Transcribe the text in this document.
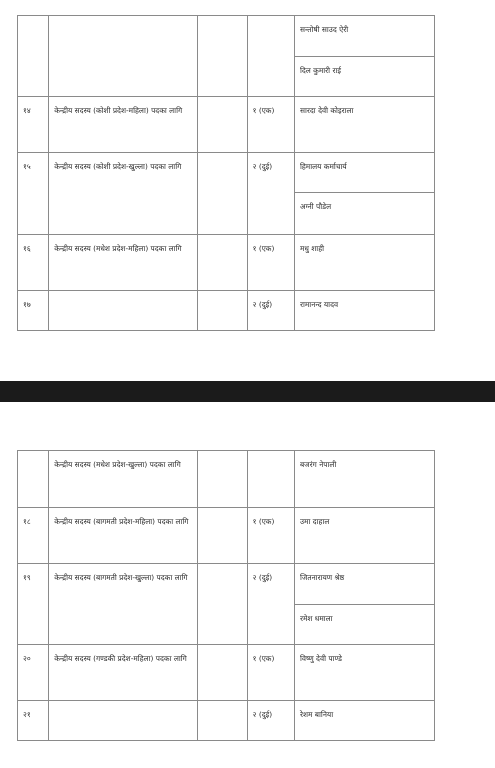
				सन्तोषी साउद ऐरी
				दिल कुमारी राई
१४	केन्द्रीय सदस्य (कोशी प्रदेश-महिला) पदका लागि		१ (एक)	सारदा देवी कोइराला
१५	केन्द्रीय सदस्य (कोशी प्रदेश-खुल्ला) पदका लागि		२ (दुई)	हिमालय कर्माचार्य
				अग्नी पौडेल
१६	केन्द्रीय सदस्य (मधेश प्रदेश-महिला) पदका लागि		१ (एक)	मधु शाही
१७			२ (दुई)	रामानन्द यादव
	केन्द्रीय सदस्य (मधेश प्रदेश-खुल्ला) पदका लागि			बजरंग नेपाली
१८	केन्द्रीय सदस्य (बागमती प्रदेश-महिला) पदका लागि		१ (एक)	उमा दाहाल
१९	केन्द्रीय सदस्य (बागमती प्रदेश-खुल्ला) पदका लागि		२ (दुई)	जितनारायण श्रेष्ठ
				रमेश धमाला
२०	केन्द्रीय सदस्य (गण्डकी प्रदेश-महिला) पदका लागि		१ (एक)	विष्णु देवी पाण्डे
२१			२ (दुई)	रेशम बानिया
